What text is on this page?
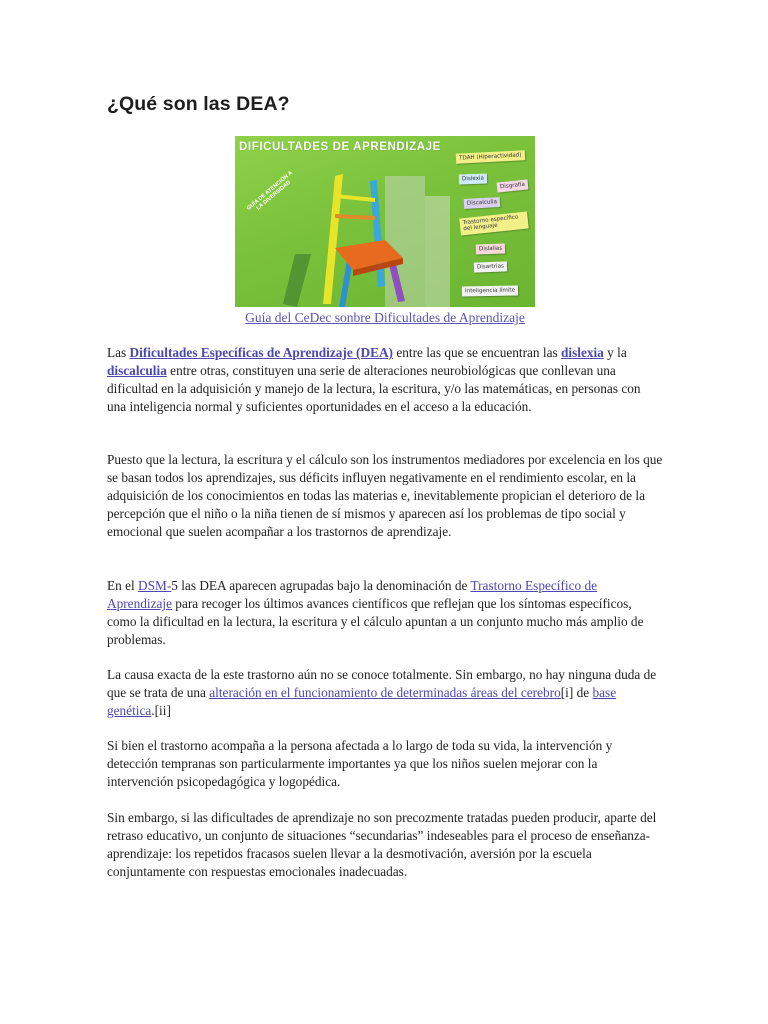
¿Qué son las DEA?
DIFICULTADES DE APRENDIZAJE
GUÍA DE ATENCIÓN A LA DIVERSIDAD
TDAH (Hiperactividad)
Dislexia
Disgrafía
Discalculia
Trastorno específico del lenguaje
Dislalias
Disartrias
Inteligencia límite
Guía del CeDec sonbre Dificultades de Aprendizaje

Las Dificultades Específicas de Aprendizaje (DEA) entre las que se encuentran las dislexia y la discalculia entre otras, constituyen una serie de alteraciones neurobiológicas que conllevan una dificultad en la adquisición y manejo de la lectura, la escritura, y/o las matemáticas, en personas con una inteligencia normal y suficientes oportunidades en el acceso a la educación.

Puesto que la lectura, la escritura y el cálculo son los instrumentos mediadores por excelencia en los que se basan todos los aprendizajes, sus déficits influyen negativamente en el rendimiento escolar, en la adquisición de los conocimientos en todas las materias e, inevitablemente propician el deterioro de la percepción que el niño o la niña tienen de sí mismos y aparecen así los problemas de tipo social y emocional que suelen acompañar a los trastornos de aprendizaje.

En el DSM-5 las DEA aparecen agrupadas bajo la denominación de Trastorno Específico de Aprendizaje para recoger los últimos avances científicos que reflejan que los síntomas específicos, como la dificultad en la lectura, la escritura y el cálculo apuntan a un conjunto mucho más amplio de problemas.

La causa exacta de la este trastorno aún no se conoce totalmente. Sin embargo, no hay ninguna duda de que se trata de una alteración en el funcionamiento de determinadas áreas del cerebro[i] de base genética.[ii]

Si bien el trastorno acompaña a la persona afectada a lo largo de toda su vida, la intervención y detección tempranas son particularmente importantes ya que los niños suelen mejorar con la intervención psicopedagógica y logopédica.

Sin embargo, si las dificultades de aprendizaje no son precozmente tratadas pueden producir, aparte del retraso educativo, un conjunto de situaciones “secundarias” indeseables para el proceso de enseñanza-aprendizaje: los repetidos fracasos suelen llevar a la desmotivación, aversión por la escuela conjuntamente con respuestas emocionales inadecuadas.
